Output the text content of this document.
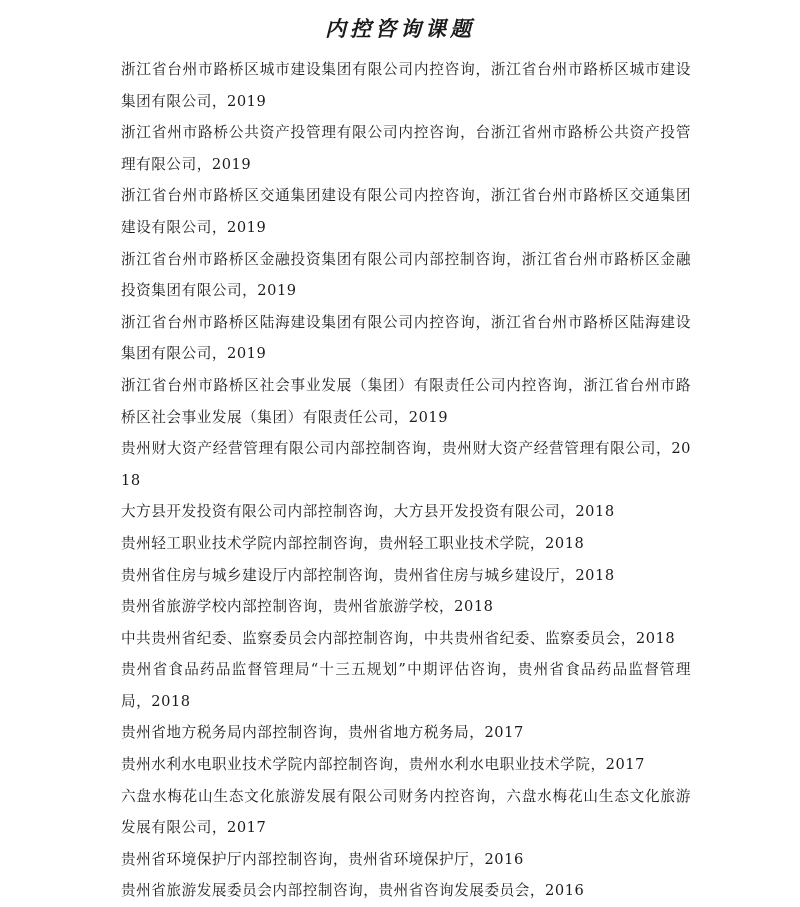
内控咨询课题
浙江省台州市路桥区城市建设集团有限公司内控咨询，浙江省台州市路桥区城市建设集团有限公司，2019
浙江省州市路桥公共资产投管理有限公司内控咨询，台浙江省州市路桥公共资产投管理有限公司，2019
浙江省台州市路桥区交通集团建设有限公司内控咨询，浙江省台州市路桥区交通集团建设有限公司，2019
浙江省台州市路桥区金融投资集团有限公司内部控制咨询，浙江省台州市路桥区金融投资集团有限公司，2019
浙江省台州市路桥区陆海建设集团有限公司内控咨询，浙江省台州市路桥区陆海建设集团有限公司，2019
浙江省台州市路桥区社会事业发展（集团）有限责任公司内控咨询，浙江省台州市路桥区社会事业发展（集团）有限责任公司，2019
贵州财大资产经营管理有限公司内部控制咨询，贵州财大资产经营管理有限公司，2018
大方县开发投资有限公司内部控制咨询，大方县开发投资有限公司，2018
贵州轻工职业技术学院内部控制咨询，贵州轻工职业技术学院，2018
贵州省住房与城乡建设厅内部控制咨询，贵州省住房与城乡建设厅，2018
贵州省旅游学校内部控制咨询，贵州省旅游学校，2018
中共贵州省纪委、监察委员会内部控制咨询，中共贵州省纪委、监察委员会，2018
贵州省食品药品监督管理局“十三五规划”中期评估咨询，贵州省食品药品监督管理局，2018
贵州省地方税务局内部控制咨询，贵州省地方税务局，2017
贵州水利水电职业技术学院内部控制咨询，贵州水利水电职业技术学院，2017
六盘水梅花山生态文化旅游发展有限公司财务内控咨询，六盘水梅花山生态文化旅游发展有限公司，2017
贵州省环境保护厅内部控制咨询，贵州省环境保护厅，2016
贵州省旅游发展委员会内部控制咨询，贵州省咨询发展委员会，2016
